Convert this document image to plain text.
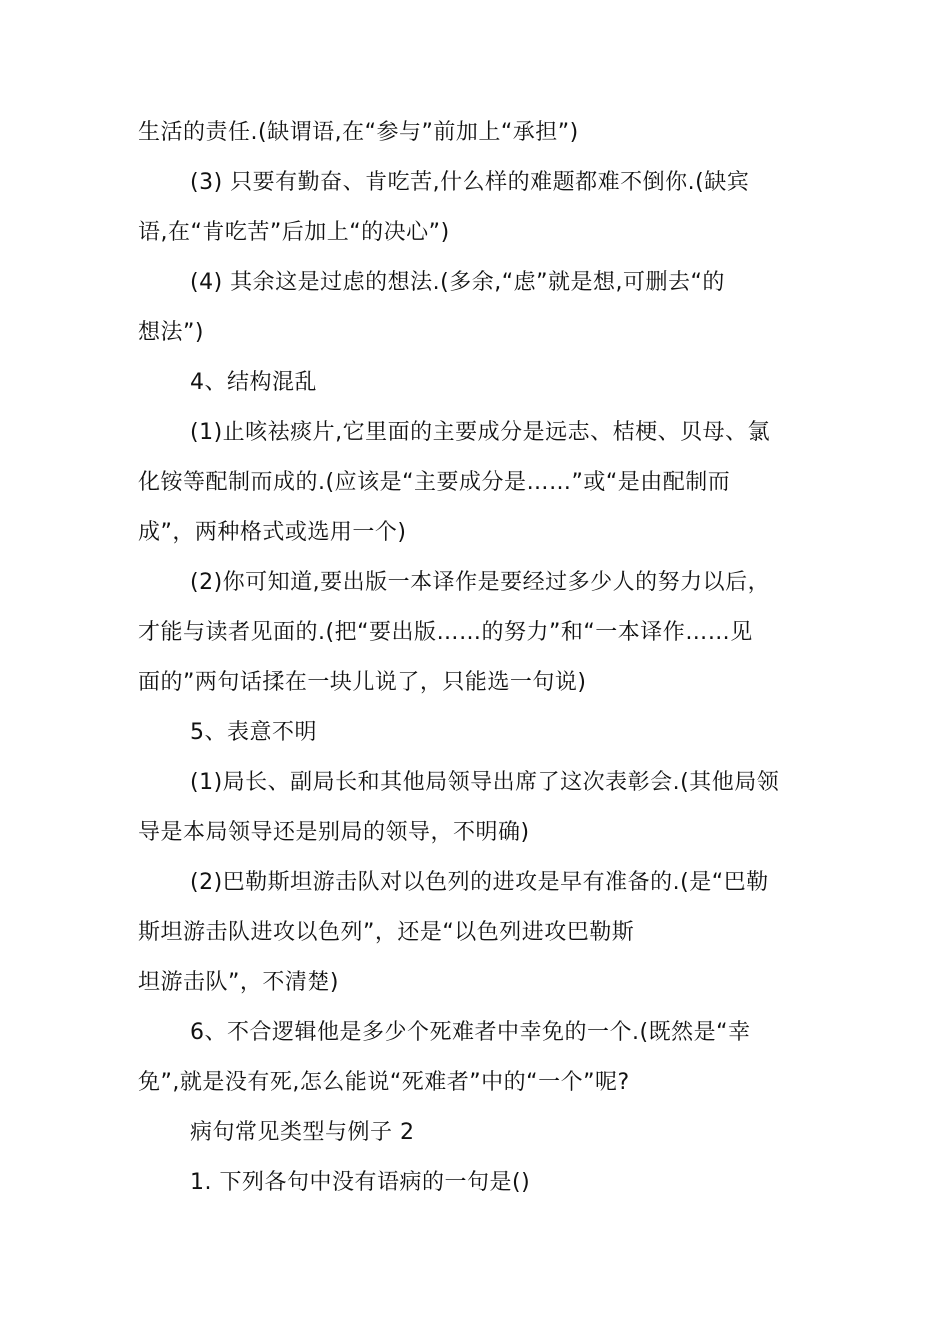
生活的责任.(缺谓语,在“参与”前加上“承担”)
(3) 只要有勤奋、肯吃苦,什么样的难题都难不倒你.(缺宾
语,在“肯吃苦”后加上“的决心”)
(4) 其余这是过虑的想法.(多余,“虑”就是想,可删去“的
想法”)
4、结构混乱
(1)止咳祛痰片,它里面的主要成分是远志、桔梗、贝母、氯
化铵等配制而成的.(应该是“主要成分是……”或“是由配制而
成”，两种格式或选用一个)
(2)你可知道,要出版一本译作是要经过多少人的努力以后，
才能与读者见面的.(把“要出版……的努力”和“一本译作……见
面的”两句话揉在一块儿说了，只能选一句说)
5、表意不明
(1)局长、副局长和其他局领导出席了这次表彰会.(其他局领
导是本局领导还是别局的领导，不明确)
(2)巴勒斯坦游击队对以色列的进攻是早有准备的.(是“巴勒
斯坦游击队进攻以色列”，还是“以色列进攻巴勒斯
坦游击队”，不清楚)
6、不合逻辑他是多少个死难者中幸免的一个.(既然是“幸
免”,就是没有死,怎么能说“死难者”中的“一个”呢?
病句常见类型与例子 2
1. 下列各句中没有语病的一句是()
